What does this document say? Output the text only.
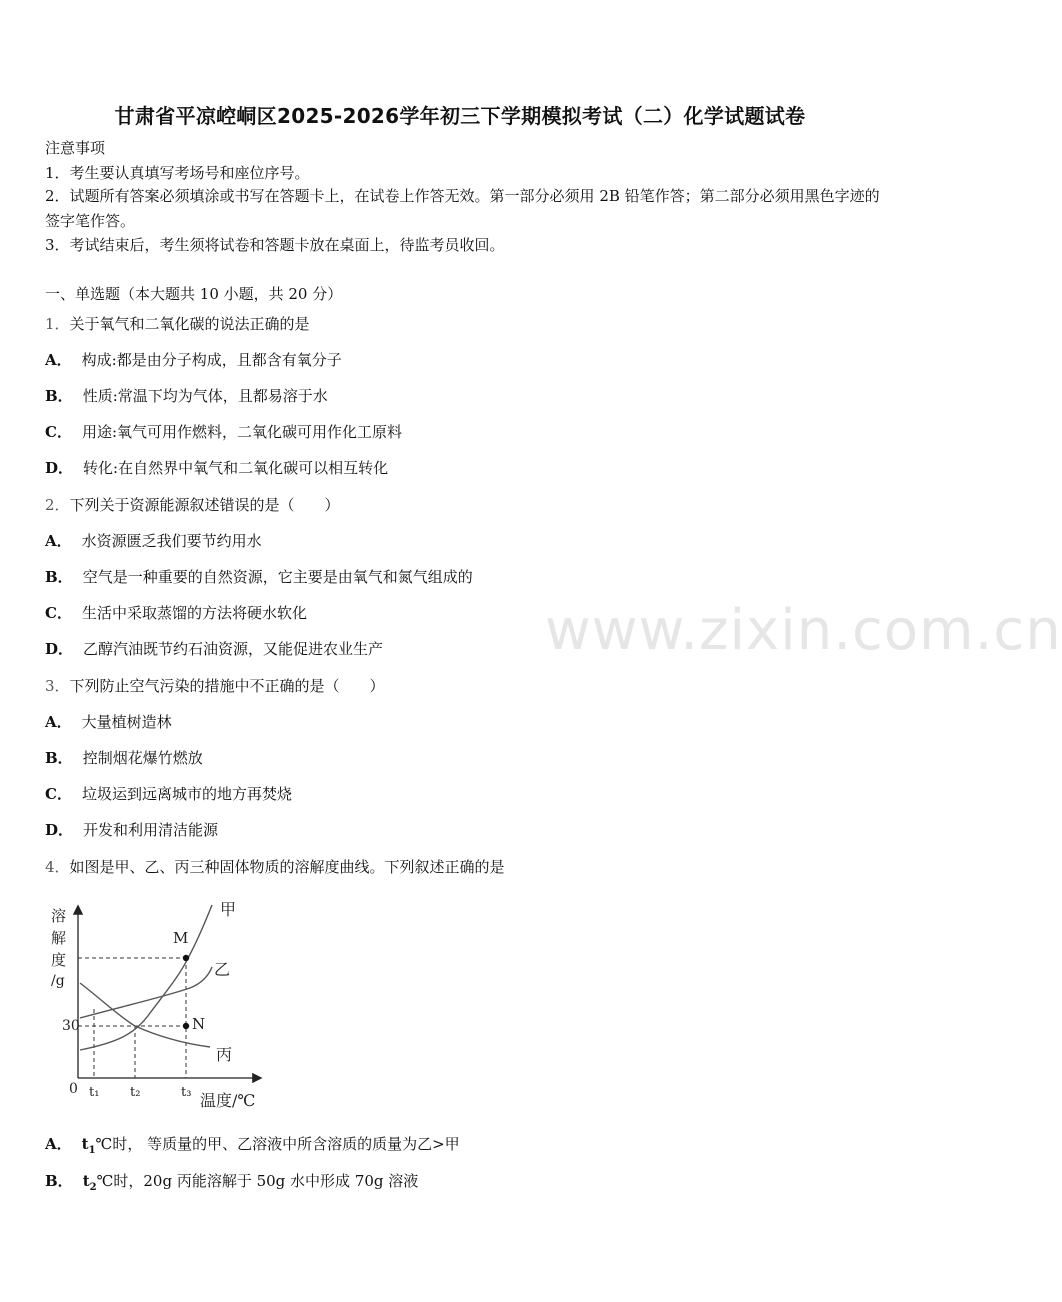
www.zixin.com.cn
甘肃省平凉崆峒区2025-2026学年初三下学期模拟考试（二）化学试题试卷
注意事项
1．考生要认真填写考场号和座位序号。
2．试题所有答案必须填涂或书写在答题卡上，在试卷上作答无效。第一部分必须用 2B 铅笔作答；第二部分必须用黑色字迹的签字笔作答。
3．考试结束后，考生须将试卷和答题卡放在桌面上，待监考员收回。
一、单选题（本大题共 10 小题，共 20 分）
1．关于氧气和二氧化碳的说法正确的是
A． 构成:都是由分子构成，且都含有氧分子
B． 性质:常温下均为气体，且都易溶于水
C． 用途:氧气可用作燃料，二氧化碳可用作化工原料
D． 转化:在自然界中氧气和二氧化碳可以相互转化
2．下列关于资源能源叙述错误的是（　　）
A． 水资源匮乏我们要节约用水
B． 空气是一种重要的自然资源，它主要是由氧气和氮气组成的
C． 生活中采取蒸馏的方法将硬水软化
D． 乙醇汽油既节约石油资源，又能促进农业生产
3．下列防止空气污染的措施中不正确的是（　　）
A． 大量植树造林
B． 控制烟花爆竹燃放
C． 垃圾运到远离城市的地方再焚烧
D． 开发和利用清洁能源
4．如图是甲、乙、丙三种固体物质的溶解度曲线。下列叙述正确的是
M
N
甲
乙
丙
溶
解
度
/g
30
0 t₁ t₂	t₃ 温度/℃
A． $t_1℃$时， 等质量的甲、乙溶液中所含溶质的质量为乙>甲
B． $t_2℃$时，20g 丙能溶解于 50g 水中形成 70g 溶液
